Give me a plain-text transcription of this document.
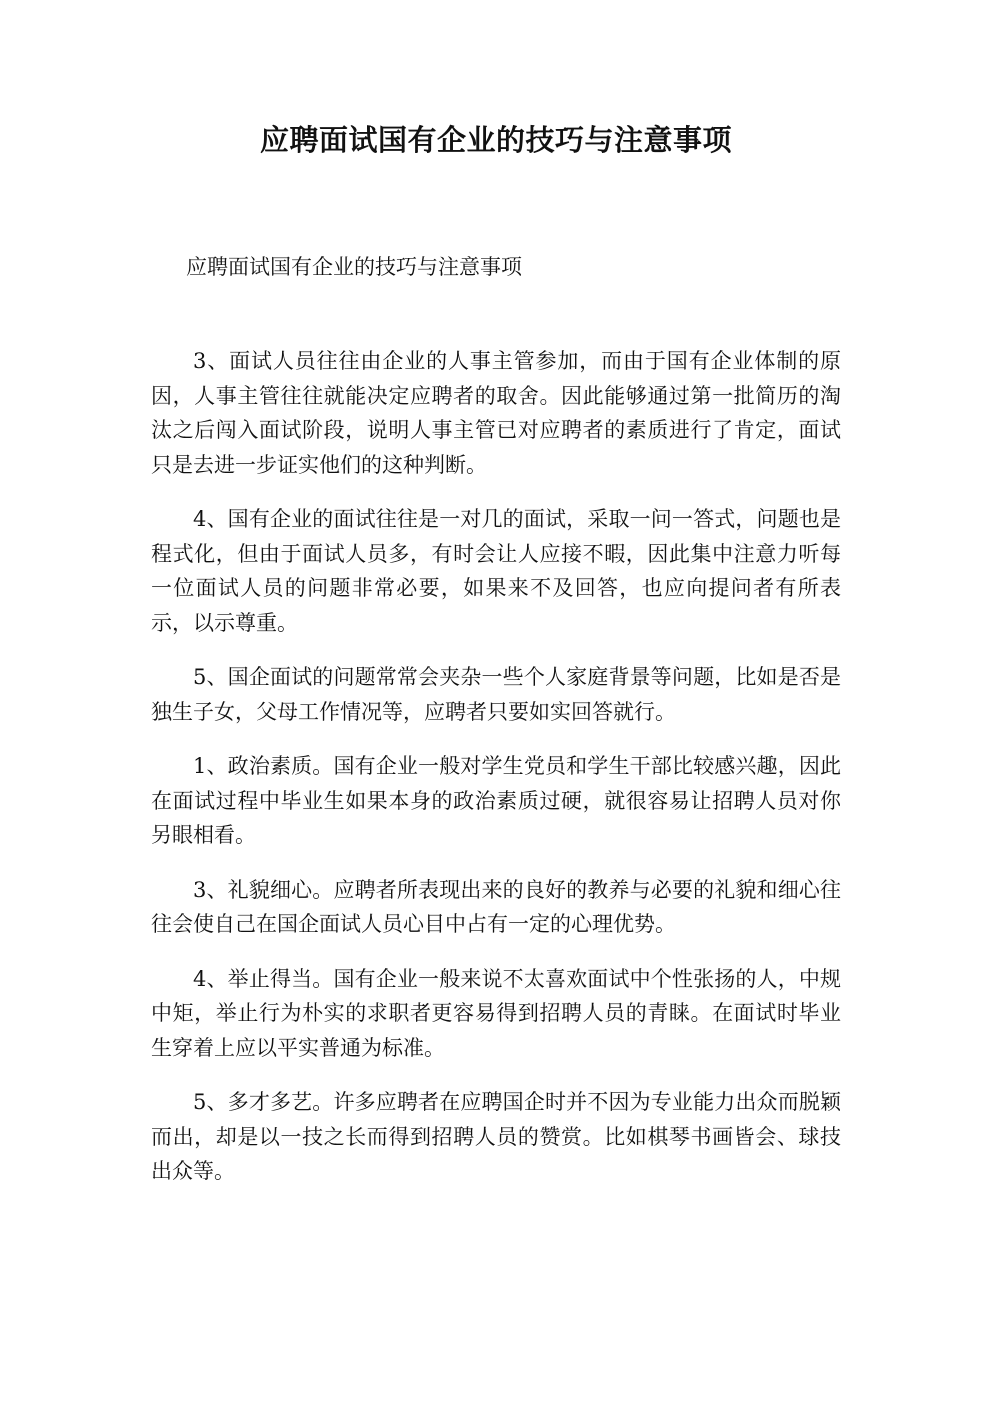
应聘面试国有企业的技巧与注意事项

应聘面试国有企业的技巧与注意事项

3、面试人员往往由企业的人事主管参加，而由于国有企业体制的原因，人事主管往往就能决定应聘者的取舍。因此能够通过第一批简历的淘汰之后闯入面试阶段，说明人事主管已对应聘者的素质进行了肯定，面试只是去进一步证实他们的这种判断。

4、国有企业的面试往往是一对几的面试，采取一问一答式，问题也是程式化，但由于面试人员多，有时会让人应接不暇，因此集中注意力听每一位面试人员的问题非常必要，如果来不及回答，也应向提问者有所表示，以示尊重。

5、国企面试的问题常常会夹杂一些个人家庭背景等问题，比如是否是独生子女，父母工作情况等，应聘者只要如实回答就行。

1、政治素质。国有企业一般对学生党员和学生干部比较感兴趣，因此在面试过程中毕业生如果本身的政治素质过硬，就很容易让招聘人员对你另眼相看。

3、礼貌细心。应聘者所表现出来的良好的教养与必要的礼貌和细心往往会使自己在国企面试人员心目中占有一定的心理优势。

4、举止得当。国有企业一般来说不太喜欢面试中个性张扬的人，中规中矩，举止行为朴实的求职者更容易得到招聘人员的青睐。在面试时毕业生穿着上应以平实普通为标准。

5、多才多艺。许多应聘者在应聘国企时并不因为专业能力出众而脱颖而出，却是以一技之长而得到招聘人员的赞赏。比如棋琴书画皆会、球技出众等。
